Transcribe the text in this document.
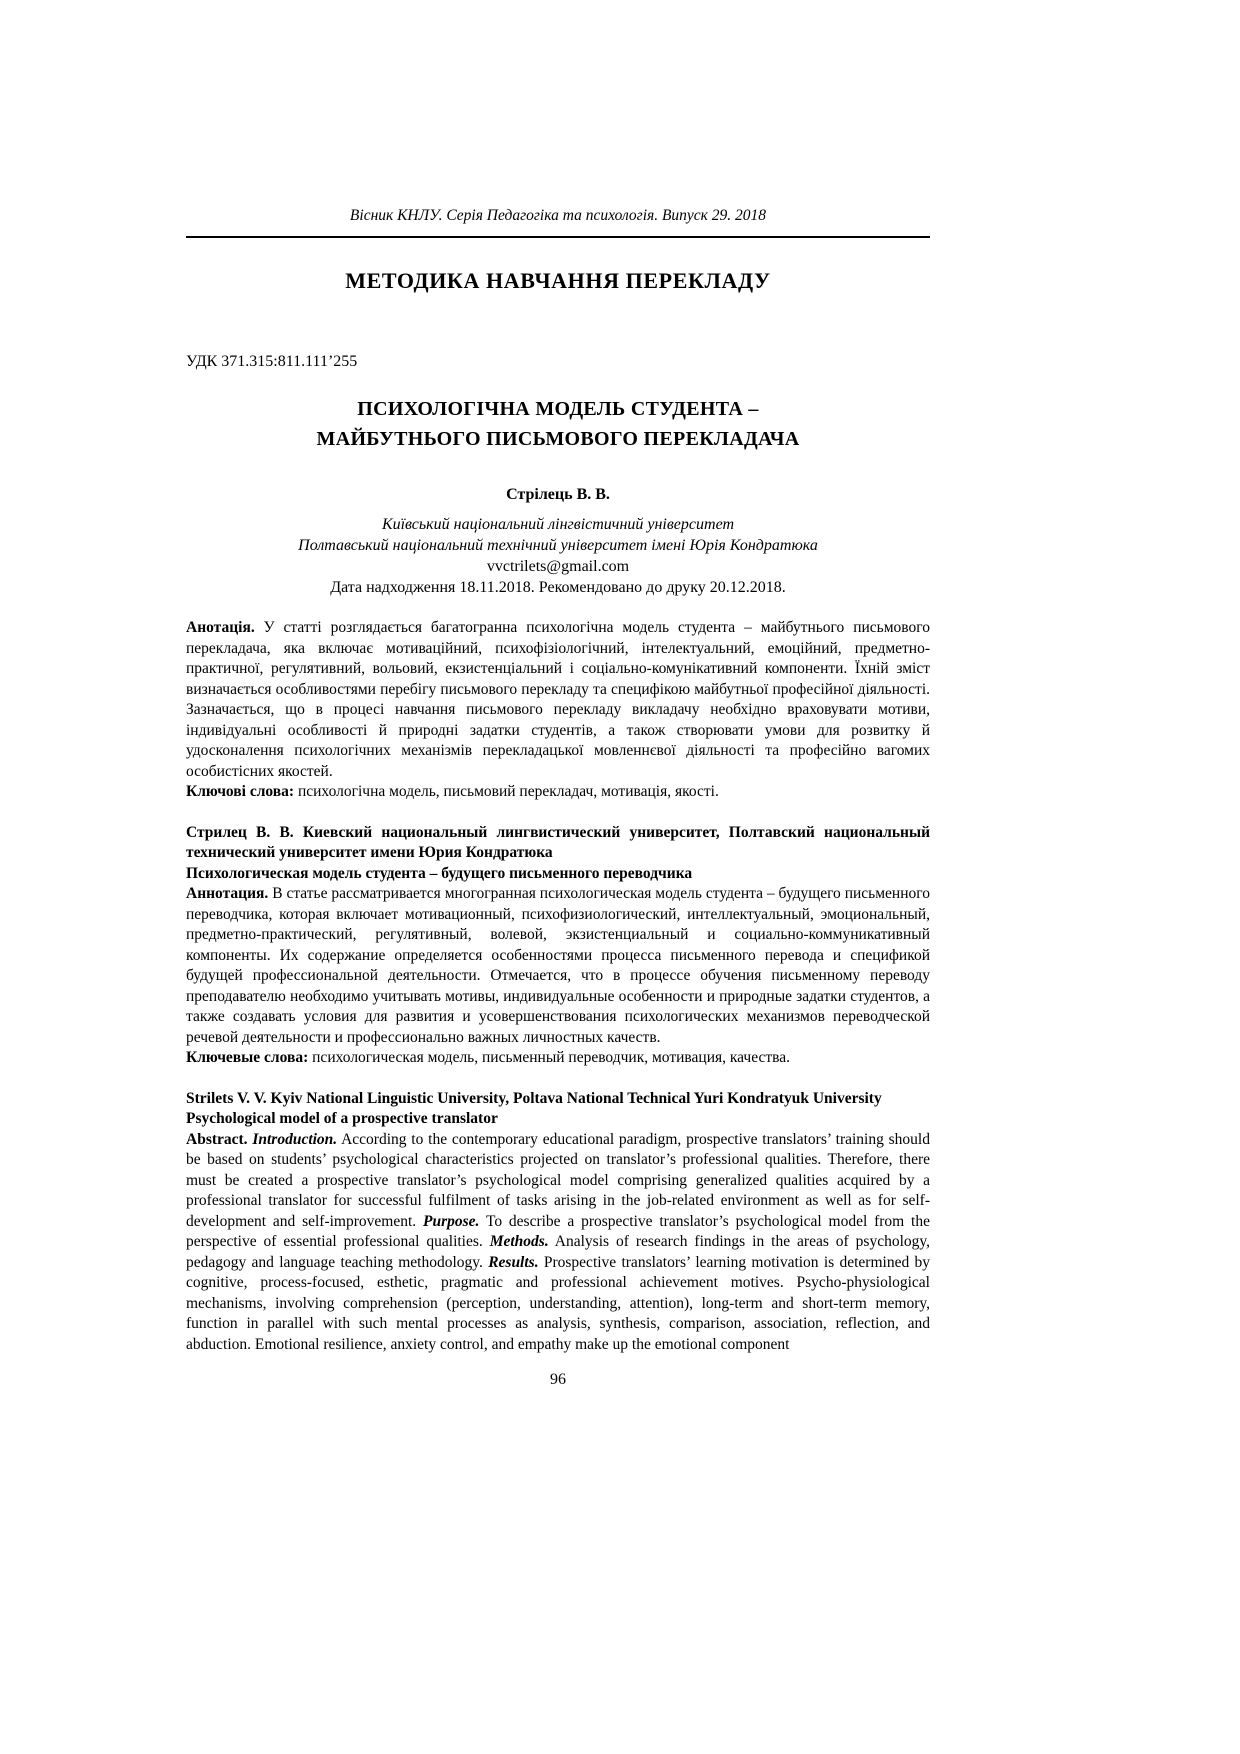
Вісник КНЛУ. Серія Педагогіка та психологія. Випуск 29. 2018
МЕТОДИКА НАВЧАННЯ ПЕРЕКЛАДУ
УДК 371.315:811.111’255
ПСИХОЛОГІЧНА МОДЕЛЬ СТУДЕНТА –
МАЙБУТНЬОГО ПИСЬМОВОГО ПЕРЕКЛАДАЧА
Стрілець В. В.
Київський національний лінгвістичний університет
Полтавський національний технічний університет імені Юрія Кондратюка
vvctrilets@gmail.com
Дата надходження 18.11.2018. Рекомендовано до друку 20.12.2018.

Анотація. У статті розглядається багатогранна психологічна модель студента – майбутнього письмового перекладача, яка включає мотиваційний, психофізіологічний, інтелектуальний, емоційний, предметно-практичної, регулятивний, вольовий, екзистенціальний і соціально-комунікативний компоненти. Їхній зміст визначається особливостями перебігу письмового перекладу та специфікою майбутньої професійної діяльності. Зазначається, що в процесі навчання письмового перекладу викладачу необхідно враховувати мотиви, індивідуальні особливості й природні задатки студентів, а також створювати умови для розвитку й удосконалення психологічних механізмів перекладацької мовленнєвої діяльності та професійно вагомих особистісних якостей.

Ключові слова: психологічна модель, письмовий перекладач, мотивація, якості.

Стрилец В. В. Киевский национальный лингвистический университет, Полтавский национальный технический университет имени Юрия Кондратюка

Психологическая модель студента – будущего письменного переводчика

Аннотация. В статье рассматривается многогранная психологическая модель студента – будущего письменного переводчика, которая включает мотивационный, психофизиологический, интеллектуальный, эмоциональный, предметно-практический, регулятивный, волевой, экзистенциальный и социально-коммуникативный компоненты. Их содержание определяется особенностями процесса письменного перевода и спецификой будущей профессиональной деятельности. Отмечается, что в процессе обучения письменному переводу преподавателю необходимо учитывать мотивы, индивидуальные особенности и природные задатки студентов, а также создавать условия для развития и усовершенствования психологических механизмов переводческой речевой деятельности и профессионально важных личностных качеств.

Ключевые слова: психологическая модель, письменный переводчик, мотивация, качества.

Strilets V. V. Kyiv National Linguistic University, Poltava National Technical Yuri Kondratyuk University

Psychological model of a prospective translator

Abstract. Introduction. According to the contemporary educational paradigm, prospective translators’ training should be based on students’ psychological characteristics projected on translator’s professional qualities. Therefore, there must be created a prospective translator’s psychological model comprising generalized qualities acquired by a professional translator for successful fulfilment of tasks arising in the job-related environment as well as for self-development and self-improvement. Purpose. To describe a prospective translator’s psychological model from the perspective of essential professional qualities. Methods. Analysis of research findings in the areas of psychology, pedagogy and language teaching methodology. Results. Prospective translators’ learning motivation is determined by cognitive, process-focused, esthetic, pragmatic and professional achievement motives. Psycho-physiological mechanisms, involving comprehension (perception, understanding, attention), long-term and short-term memory, function in parallel with such mental processes as analysis, synthesis, comparison, association, reflection, and abduction. Emotional resilience, anxiety control, and empathy make up the emotional component

96
